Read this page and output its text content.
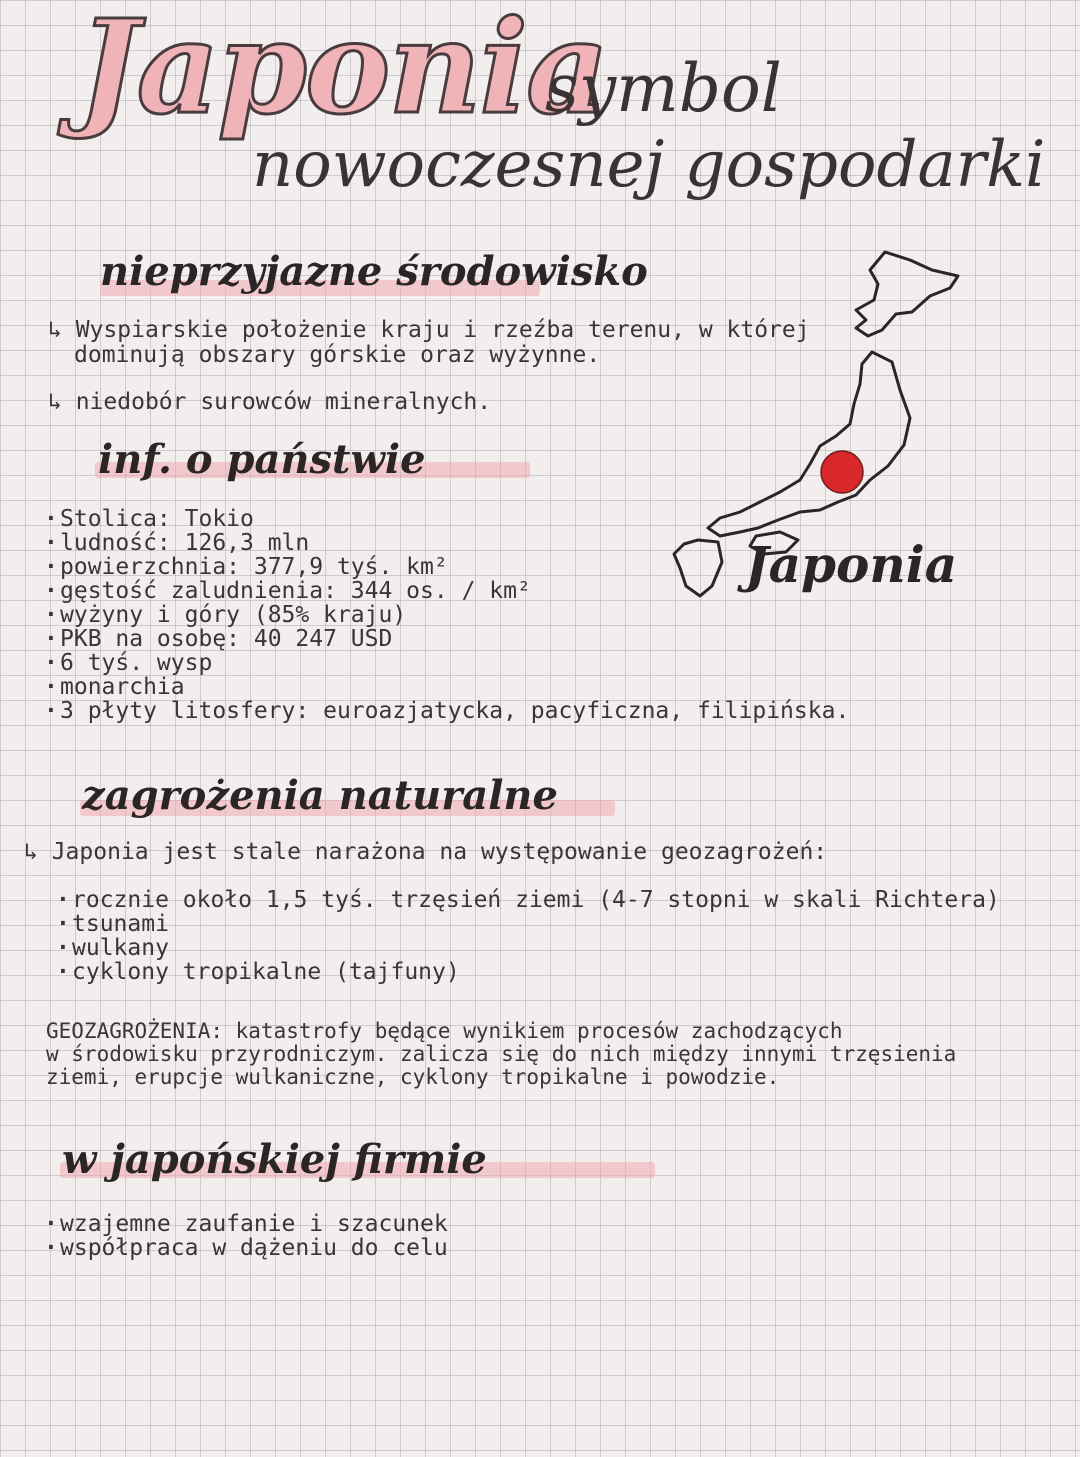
Japonia
symbol
nowoczesnej gospodarki
nieprzyjazne środowisko
↳ Wyspiarskie położenie kraju i rzeźba terenu, w której
dominują obszary górskie oraz wyżynne.
↳ niedobór surowców mineralnych.
inf. o państwie
· Stolica: Tokio
· ludność: 126,3 mln
· powierzchnia: 377,9 tyś. km²
· gęstość zaludnienia: 344 os. / km²
· wyżyny i góry (85% kraju)
· PKB na osobę: 40 247 USD
· 6 tyś. wysp
· monarchia
· 3 płyty litosfery: euroazjatycka, pacyficzna, filipińska.
Japonia
zagrożenia naturalne
↳ Japonia jest stale narażona na występowanie geozagrożeń:
· rocznie około 1,5 tyś. trzęsień ziemi (4-7 stopni w skali Richtera)
· tsunami
· wulkany
· cyklony tropikalne (tajfuny)
GEOZAGROŻENIA: katastrofy będące wynikiem procesów zachodzących
w środowisku przyrodniczym. zalicza się do nich między innymi trzęsienia
ziemi, erupcje wulkaniczne, cyklony tropikalne i powodzie.
w japońskiej firmie
· wzajemne zaufanie i szacunek
· współpraca w dążeniu do celu
